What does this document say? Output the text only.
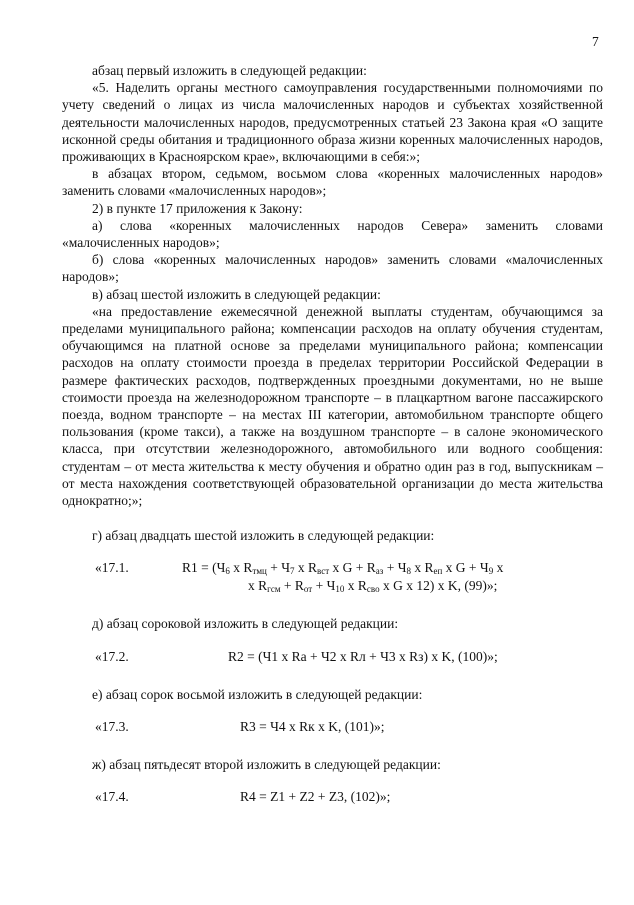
7

абзац первый изложить в следующей редакции:

«5. Наделить органы местного самоуправления государственными полномочиями по учету сведений о лицах из числа малочисленных народов и субъектах хозяйственной деятельности малочисленных народов, предусмотренных статьей 23 Закона края «О защите исконной среды обитания и традиционного образа жизни коренных малочисленных народов, проживающих в Красноярском крае», включающими в себя:»;

в абзацах втором, седьмом, восьмом слова «коренных малочисленных народов» заменить словами «малочисленных народов»;

2) в пункте 17 приложения к Закону:

а) слова «коренных малочисленных народов Севера» заменить словами «малочисленных народов»;

б) слова «коренных малочисленных народов» заменить словами «малочисленных народов»;

в) абзац шестой изложить в следующей редакции:

«на предоставление ежемесячной денежной выплаты студентам, обучающимся за пределами муниципального района; компенсации расходов на оплату обучения студентам, обучающимся на платной основе за пределами муниципального района; компенсации расходов на оплату стоимости проезда в пределах территории Российской Федерации в размере фактических расходов, подтвержденных проездными документами, но не выше стоимости проезда на железнодорожном транспорте – в плацкартном вагоне пассажирского поезда, водном транспорте – на местах III категории, автомобильном транспорте общего пользования (кроме такси), а также на воздушном транспорте – в салоне экономического класса, при отсутствии железнодорожного, автомобильного или водного сообщения: студентам – от места жительства к месту обучения и обратно один раз в год, выпускникам – от места нахождения соответствующей образовательной организации до места жительства однократно;»;

г) абзац двадцать шестой изложить в следующей редакции:

«17.1.	$R1 = (Ч_6$ х $R_{тмц} + Ч_7$ х $R_{вст}$ х $G + R_{аз} + Ч_8$ х $R_{еп}$ х $G + Ч_9$ х
х $R_{гсм} + R_{от} + Ч_{10}$ х $R_{сво}$ х G х 12) х K, (99)»;

д) абзац сороковой изложить в следующей редакции:

«17.2.	R2 = (Ч1 х Ra + Ч2 х Rл + Ч3 х Rз) х K, (100)»;

е) абзац сорок восьмой изложить в следующей редакции:

«17.3.	R3 = Ч4 х Rк х K, (101)»;

ж) абзац пятьдесят второй изложить в следующей редакции:

«17.4.	R4 = Z1 + Z2 + Z3, (102)»;
